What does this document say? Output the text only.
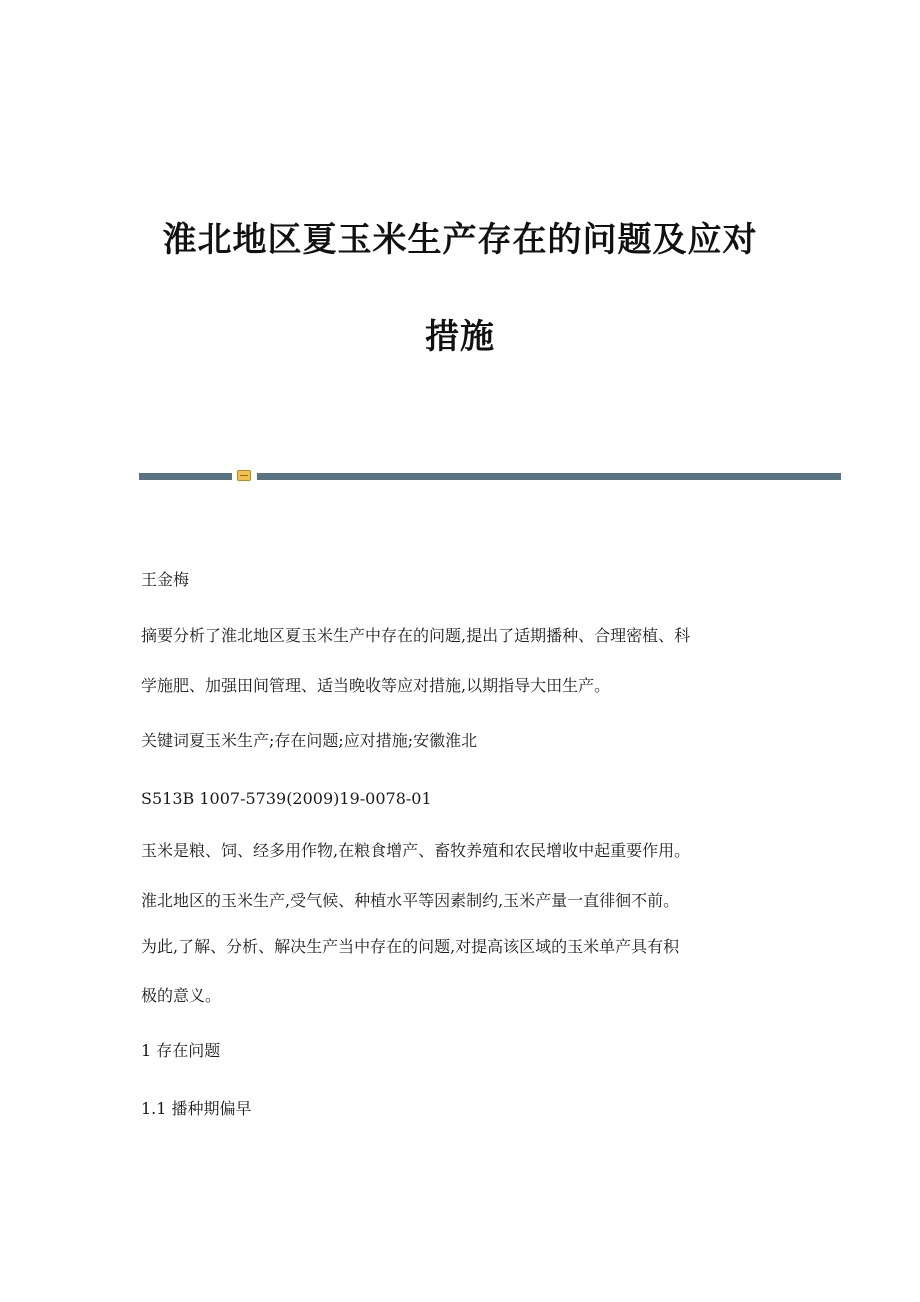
淮北地区夏玉米生产存在的问题及应对
措施

王金梅

摘要分析了淮北地区夏玉米生产中存在的问题,提出了适期播种、合理密植、科

学施肥、加强田间管理、适当晚收等应对措施,以期指导大田生产。

关键词夏玉米生产;存在问题;应对措施;安徽淮北

S513B 1007-5739(2009)19-0078-01

玉米是粮、饲、经多用作物,在粮食增产、畜牧养殖和农民增收中起重要作用。

淮北地区的玉米生产,受气候、种植水平等因素制约,玉米产量一直徘徊不前。

为此,了解、分析、解决生产当中存在的问题,对提高该区域的玉米单产具有积

极的意义。

1 存在问题

1.1 播种期偏早
